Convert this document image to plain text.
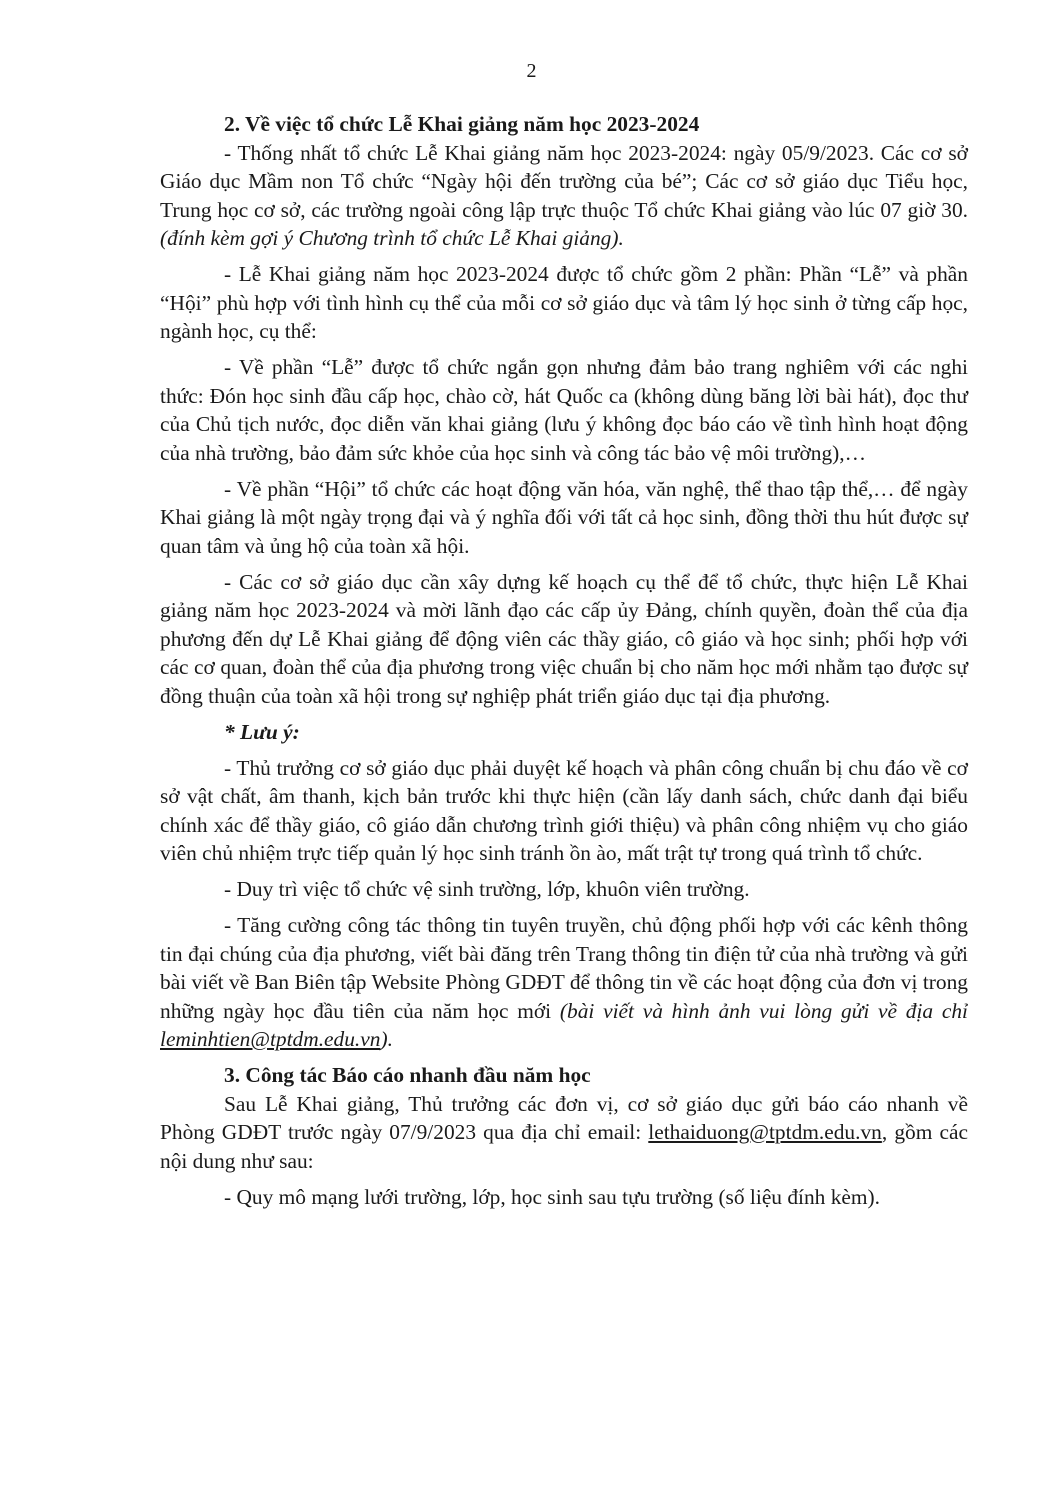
2
2. Về việc tổ chức Lễ Khai giảng năm học 2023-2024

- Thống nhất tổ chức Lễ Khai giảng năm học 2023-2024: ngày 05/9/2023. Các cơ sở Giáo dục Mầm non Tổ chức “Ngày hội đến trường của bé”; Các cơ sở giáo dục Tiểu học, Trung học cơ sở, các trường ngoài công lập trực thuộc Tổ chức Khai giảng vào lúc 07 giờ 30. (đính kèm gợi ý Chương trình tổ chức Lễ Khai giảng).

- Lễ Khai giảng năm học 2023-2024 được tổ chức gồm 2 phần: Phần “Lễ” và phần “Hội” phù hợp với tình hình cụ thể của mỗi cơ sở giáo dục và tâm lý học sinh ở từng cấp học, ngành học, cụ thể:

- Về phần “Lễ” được tổ chức ngắn gọn nhưng đảm bảo trang nghiêm với các nghi thức: Đón học sinh đầu cấp học, chào cờ, hát Quốc ca (không dùng băng lời bài hát), đọc thư của Chủ tịch nước, đọc diễn văn khai giảng (lưu ý không đọc báo cáo về tình hình hoạt động của nhà trường, bảo đảm sức khỏe của học sinh và công tác bảo vệ môi trường),…

- Về phần “Hội” tổ chức các hoạt động văn hóa, văn nghệ, thể thao tập thể,… để ngày Khai giảng là một ngày trọng đại và ý nghĩa đối với tất cả học sinh, đồng thời thu hút được sự quan tâm và ủng hộ của toàn xã hội.

- Các cơ sở giáo dục cần xây dựng kế hoạch cụ thể để tổ chức, thực hiện Lễ Khai giảng năm học 2023-2024 và mời lãnh đạo các cấp ủy Đảng, chính quyền, đoàn thể của địa phương đến dự Lễ Khai giảng để động viên các thầy giáo, cô giáo và học sinh; phối hợp với các cơ quan, đoàn thể của địa phương trong việc chuẩn bị cho năm học mới nhằm tạo được sự đồng thuận của toàn xã hội trong sự nghiệp phát triển giáo dục tại địa phương.

* Lưu ý:

- Thủ trưởng cơ sở giáo dục phải duyệt kế hoạch và phân công chuẩn bị chu đáo về cơ sở vật chất, âm thanh, kịch bản trước khi thực hiện (cần lấy danh sách, chức danh đại biểu chính xác để thầy giáo, cô giáo dẫn chương trình giới thiệu) và phân công nhiệm vụ cho giáo viên chủ nhiệm trực tiếp quản lý học sinh tránh ồn ào, mất trật tự trong quá trình tổ chức.

- Duy trì việc tổ chức vệ sinh trường, lớp, khuôn viên trường.

- Tăng cường công tác thông tin tuyên truyền, chủ động phối hợp với các kênh thông tin đại chúng của địa phương, viết bài đăng trên Trang thông tin điện tử của nhà trường và gửi bài viết về Ban Biên tập Website Phòng GDĐT để thông tin về các hoạt động của đơn vị trong những ngày học đầu tiên của năm học mới (bài viết và hình ảnh vui lòng gửi về địa chỉ leminhtien@tptdm.edu.vn).

3. Công tác Báo cáo nhanh đầu năm học

Sau Lễ Khai giảng, Thủ trưởng các đơn vị, cơ sở giáo dục gửi báo cáo nhanh về Phòng GDĐT trước ngày 07/9/2023 qua địa chỉ email: lethaiduong@tptdm.edu.vn, gồm các nội dung như sau:

- Quy mô mạng lưới trường, lớp, học sinh sau tựu trường (số liệu đính kèm).
